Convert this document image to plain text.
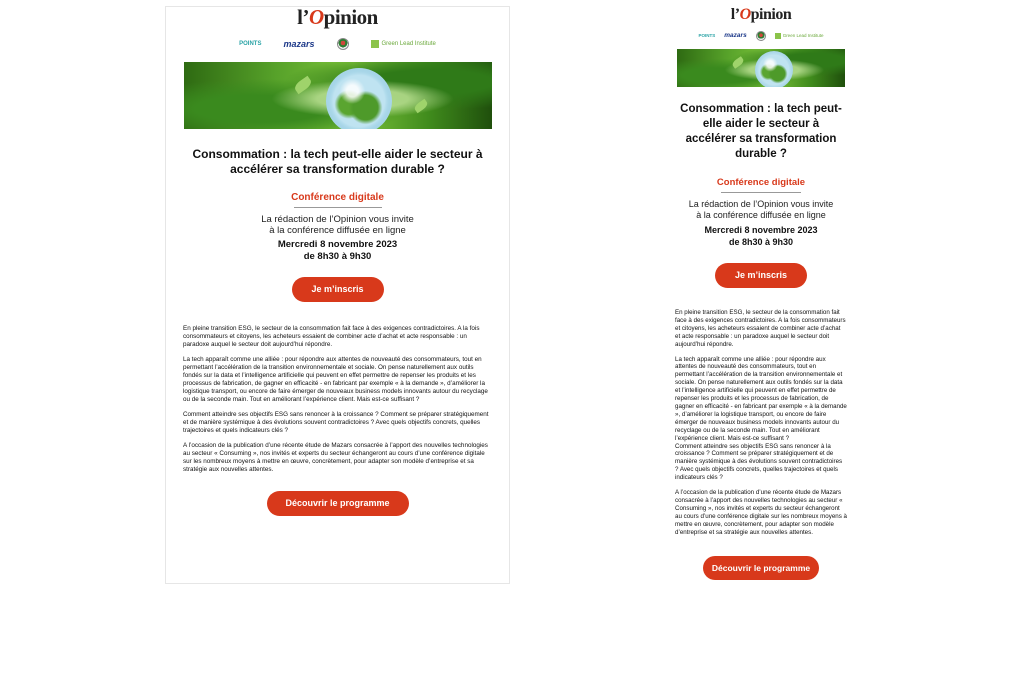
l’Opinion
POINTS mazars	Green Lead Institute
Consommation : la tech peut-elle aider le secteur à accélérer sa transformation durable ?
Conférence digitale
La rédaction de l’Opinion vous invite
à la conférence diffusée en ligne
Mercredi 8 novembre 2023
de 8h30 à 9h30
Je m’inscris

En pleine transition ESG, le secteur de la consommation fait face à des exigences contradictoires. A la fois consommateurs et citoyens, les acheteurs essaient de combiner acte d’achat et acte responsable : un paradoxe auquel le secteur doit aujourd’hui répondre.

La tech apparaît comme une alliée : pour répondre aux attentes de nouveauté des consommateurs, tout en permettant l’accélération de la transition environnementale et sociale. On pense naturellement aux outils fondés sur la data et l’intelligence artificielle qui peuvent en effet permettre de repenser les produits et les processus de fabrication, de gagner en efficacité - en fabricant par exemple « à la demande », d’améliorer la logistique transport, ou encore de faire émerger de nouveaux business models innovants autour du recyclage ou de la seconde main. Tout en améliorant l’expérience client. Mais est-ce suffisant ?

Comment atteindre ses objectifs ESG sans renoncer à la croissance ? Comment se préparer stratégiquement et de manière systémique à des évolutions souvent contradictoires ? Avec quels objectifs concrets, quelles trajectoires et quels indicateurs clés ?

A l’occasion de la publication d’une récente étude de Mazars consacrée à l’apport des nouvelles technologies au secteur « Consuming », nos invités et experts du secteur échangeront au cours d’une conférence digitale sur les nombreux moyens à mettre en œuvre, concrètement, pour adapter son modèle d’entreprise et sa stratégie aux nouvelles attentes.

Découvrir le programme
l’Opinion
POINTS mazars	Green Lead Institute
Consommation : la tech peut-elle aider le secteur à accélérer sa transformation durable ?
Conférence digitale
La rédaction de l’Opinion vous invite
à la conférence diffusée en ligne
Mercredi 8 novembre 2023
de 8h30 à 9h30
Je m’inscris

En pleine transition ESG, le secteur de la consommation fait face à des exigences contradictoires. A la fois consommateurs et citoyens, les acheteurs essaient de combiner acte d’achat et acte responsable : un paradoxe auquel le secteur doit aujourd’hui répondre.

La tech apparaît comme une alliée : pour répondre aux attentes de nouveauté des consommateurs, tout en permettant l’accélération de la transition environnementale et sociale. On pense naturellement aux outils fondés sur la data et l’intelligence artificielle qui peuvent en effet permettre de repenser les produits et les processus de fabrication, de gagner en efficacité - en fabricant par exemple « à la demande », d’améliorer la logistique transport, ou encore de faire émerger de nouveaux business models innovants autour du recyclage ou de la seconde main. Tout en améliorant l’expérience client. Mais est-ce suffisant ?

Comment atteindre ses objectifs ESG sans renoncer à la croissance ? Comment se préparer stratégiquement et de manière systémique à des évolutions souvent contradictoires ? Avec quels objectifs concrets, quelles trajectoires et quels indicateurs clés ?

A l’occasion de la publication d’une récente étude de Mazars consacrée à l’apport des nouvelles technologies au secteur « Consuming », nos invités et experts du secteur échangeront au cours d’une conférence digitale sur les nombreux moyens à mettre en œuvre, concrètement, pour adapter son modèle d’entreprise et sa stratégie aux nouvelles attentes.

Découvrir le programme
